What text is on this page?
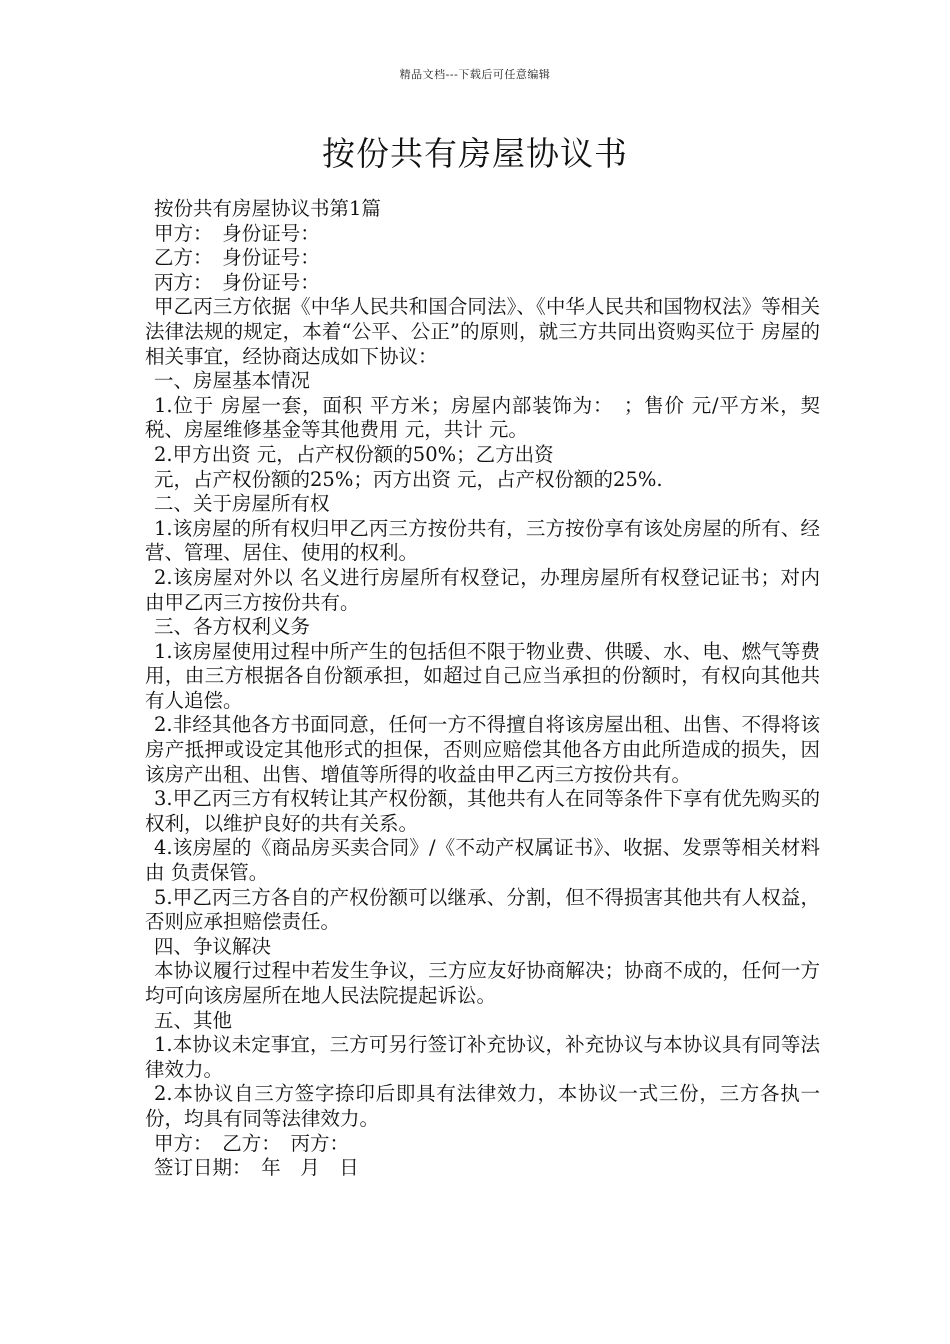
精品文档---下载后可任意编辑
按份共有房屋协议书

按份共有房屋协议书第1篇

甲方：　身份证号：

乙方：　身份证号：

丙方：　身份证号：

甲乙丙三方依据《中华人民共和国合同法》、《中华人民共和国物权法》等相关法律法规的规定，本着“公平、公正”的原则，就三方共同出资购买位于 房屋的相关事宜，经协商达成如下协议：

一、房屋基本情况

1.位于 房屋一套，面积 平方米；房屋内部装饰为：　；售价 元/平方米，契税、房屋维修基金等其他费用 元，共计 元。

2.甲方出资 元，占产权份额的50%；乙方出资

元，占产权份额的25%；丙方出资 元，占产权份额的25%.

二、关于房屋所有权

1.该房屋的所有权归甲乙丙三方按份共有，三方按份享有该处房屋的所有、经营、管理、居住、使用的权利。

2.该房屋对外以 名义进行房屋所有权登记，办理房屋所有权登记证书；对内由甲乙丙三方按份共有。

三、各方权利义务

1.该房屋使用过程中所产生的包括但不限于物业费、供暖、水、电、燃气等费用，由三方根据各自份额承担，如超过自己应当承担的份额时，有权向其他共有人追偿。

2.非经其他各方书面同意，任何一方不得擅自将该房屋出租、出售、不得将该房产抵押或设定其他形式的担保，否则应赔偿其他各方由此所造成的损失，因该房产出租、出售、增值等所得的收益由甲乙丙三方按份共有。

3.甲乙丙三方有权转让其产权份额，其他共有人在同等条件下享有优先购买的权利，以维护良好的共有关系。

4.该房屋的《商品房买卖合同》/《不动产权属证书》、收据、发票等相关材料由 负责保管。

5.甲乙丙三方各自的产权份额可以继承、分割，但不得损害其他共有人权益，否则应承担赔偿责任。

四、争议解决

本协议履行过程中若发生争议，三方应友好协商解决；协商不成的，任何一方均可向该房屋所在地人民法院提起诉讼。

五、其他

1.本协议未定事宜，三方可另行签订补充协议，补充协议与本协议具有同等法律效力。

2.本协议自三方签字捺印后即具有法律效力，本协议一式三份，三方各执一份，均具有同等法律效力。

甲方：　乙方：　丙方：

签订日期：　年　月　日
